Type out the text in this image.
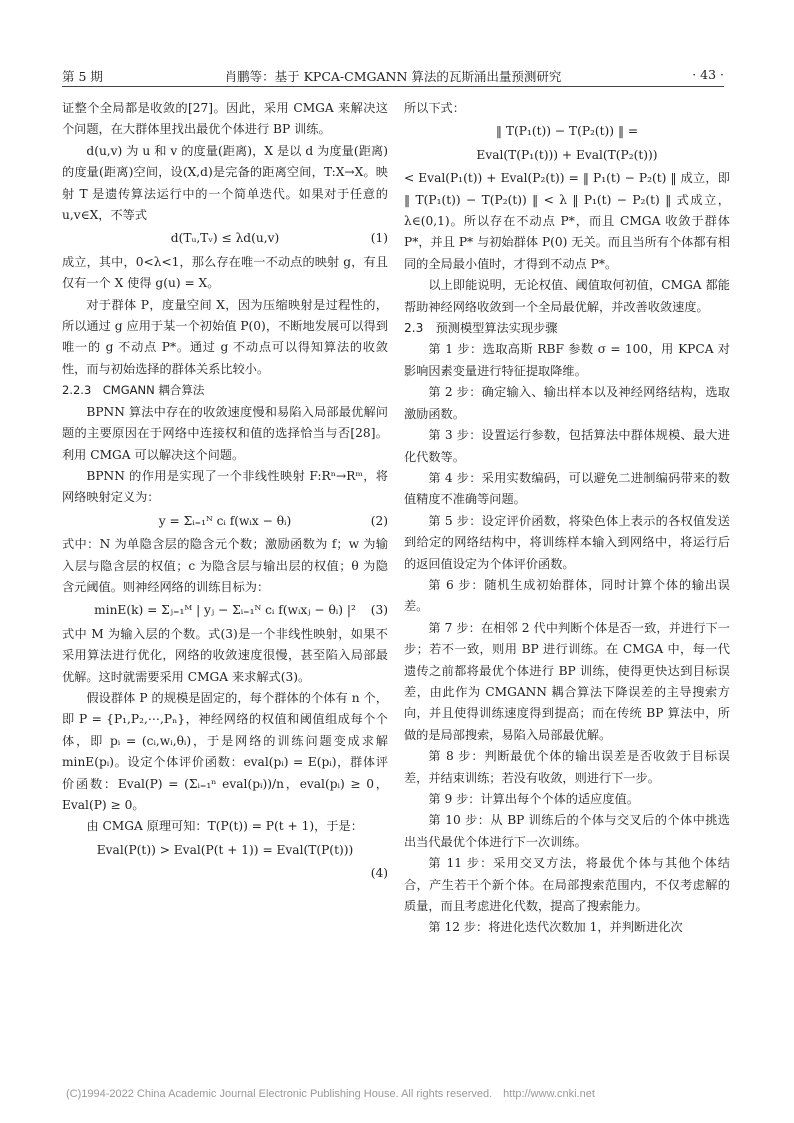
第 5 期	肖鹏等：基于 KPCA-CMGANN 算法的瓦斯涌出量预测研究	· 43 ·

证整个全局都是收敛的[27]。因此，采用 CMGA 来解决这个问题，在大群体里找出最优个体进行 BP 训练。

d(u,v) 为 u 和 v 的度量(距离)，X 是以 d 为度量(距离)的度量(距离)空间，设(X,d)是完备的距离空间，T:X→X。映射 T 是遗传算法运行中的一个简单迭代。如果对于任意的 u,v∈X，不等式

d(Tᵤ,Tᵥ) ≤ λd(u,v)	(1)

成立，其中，0<λ<1，那么存在唯一不动点的映射 g，有且仅有一个 X 使得 g(u) = X。

对于群体 P，度量空间 X，因为压缩映射是过程性的，所以通过 g 应用于某一个初始值 P(0)，不断地发展可以得到唯一的 g 不动点 P*。通过 g 不动点可以得知算法的收敛性，而与初始选择的群体关系比较小。

2.2.3　CMGANN 耦合算法

BPNN 算法中存在的收敛速度慢和易陷入局部最优解问题的主要原因在于网络中连接权和值的选择恰当与否[28]。利用 CMGA 可以解决这个问题。

BPNN 的作用是实现了一个非线性映射 F:Rⁿ→Rᵐ，将网络映射定义为：

y = Σᵢ₌₁ᴺ cᵢ f(wᵢx − θᵢ)	(2)

式中：N 为单隐含层的隐含元个数；激励函数为 f；w 为输入层与隐含层的权值；c 为隐含层与输出层的权值；θ 为隐含元阈值。则神经网络的训练目标为：

minE(k) = Σⱼ₌₁ᴹ | yⱼ − Σᵢ₌₁ᴺ cᵢ f(wᵢxⱼ − θᵢ) |² (3)

式中 M 为输入层的个数。式(3)是一个非线性映射，如果不采用算法进行优化，网络的收敛速度很慢，甚至陷入局部最优解。这时就需要采用 CMGA 来求解式(3)。

假设群体 P 的规模是固定的，每个群体的个体有 n 个，即 P = {P₁,P₂,⋯,Pₙ}，神经网络的权值和阈值组成每个个体，即 pᵢ = (cᵢ,wᵢ,θᵢ)，于是网络的训练问题变成求解 minE(pᵢ)。设定个体评价函数：eval(pᵢ) = E(pᵢ)，群体评价函数：Eval(P) = (Σᵢ₌₁ⁿ eval(pᵢ))/n，eval(pᵢ) ≥ 0，Eval(P) ≥ 0。

由 CMGA 原理可知：T(P(t)) = P(t + 1)，于是：

Eval(P(t)) > Eval(P(t + 1)) = Eval(T(P(t)))
(4)

所以下式：

‖ T(P₁(t)) − T(P₂(t)) ‖ =
Eval(T(P₁(t))) + Eval(T(P₂(t)))

< Eval(P₁(t)) + Eval(P₂(t)) = ‖ P₁(t) − P₂(t) ‖ 成立，即 ‖ T(P₁(t)) − T(P₂(t)) ‖ < λ ‖ P₁(t) − P₂(t) ‖ 式成立，λ∈(0,1)。所以存在不动点 P*，而且 CMGA 收敛于群体 P*，并且 P* 与初始群体 P(0) 无关。而且当所有个体都有相同的全局最小值时，才得到不动点 P*。

以上即能说明，无论权值、阈值取何初值，CMGA 都能帮助神经网络收敛到一个全局最优解，并改善收敛速度。

2.3　预测模型算法实现步骤

第 1 步：选取高斯 RBF 参数 σ = 100，用 KPCA 对影响因素变量进行特征提取降维。

第 2 步：确定输入、输出样本以及神经网络结构，选取激励函数。

第 3 步：设置运行参数，包括算法中群体规模、最大进化代数等。

第 4 步：采用实数编码，可以避免二进制编码带来的数值精度不准确等问题。

第 5 步：设定评价函数，将染色体上表示的各权值发送到给定的网络结构中，将训练样本输入到网络中，将运行后的返回值设定为个体评价函数。

第 6 步：随机生成初始群体，同时计算个体的输出误差。

第 7 步：在相邻 2 代中判断个体是否一致，并进行下一步；若不一致，则用 BP 进行训练。在 CMGA 中，每一代遗传之前都将最优个体进行 BP 训练，使得更快达到目标误差，由此作为 CMGANN 耦合算法下降误差的主导搜索方向，并且使得训练速度得到提高；而在传统 BP 算法中，所做的是局部搜索，易陷入局部最优解。

第 8 步：判断最优个体的输出误差是否收敛于目标误差，并结束训练；若没有收敛，则进行下一步。

第 9 步：计算出每个个体的适应度值。

第 10 步：从 BP 训练后的个体与交叉后的个体中挑选出当代最优个体进行下一次训练。

第 11 步：采用交叉方法，将最优个体与其他个体结合，产生若干个新个体。在局部搜索范围内，不仅考虑解的质量，而且考虑进化代数，提高了搜索能力。

第 12 步：将进化迭代次数加 1，并判断进化次

(C)1994-2022 China Academic Journal Electronic Publishing House. All rights reserved.　http://www.cnki.net
